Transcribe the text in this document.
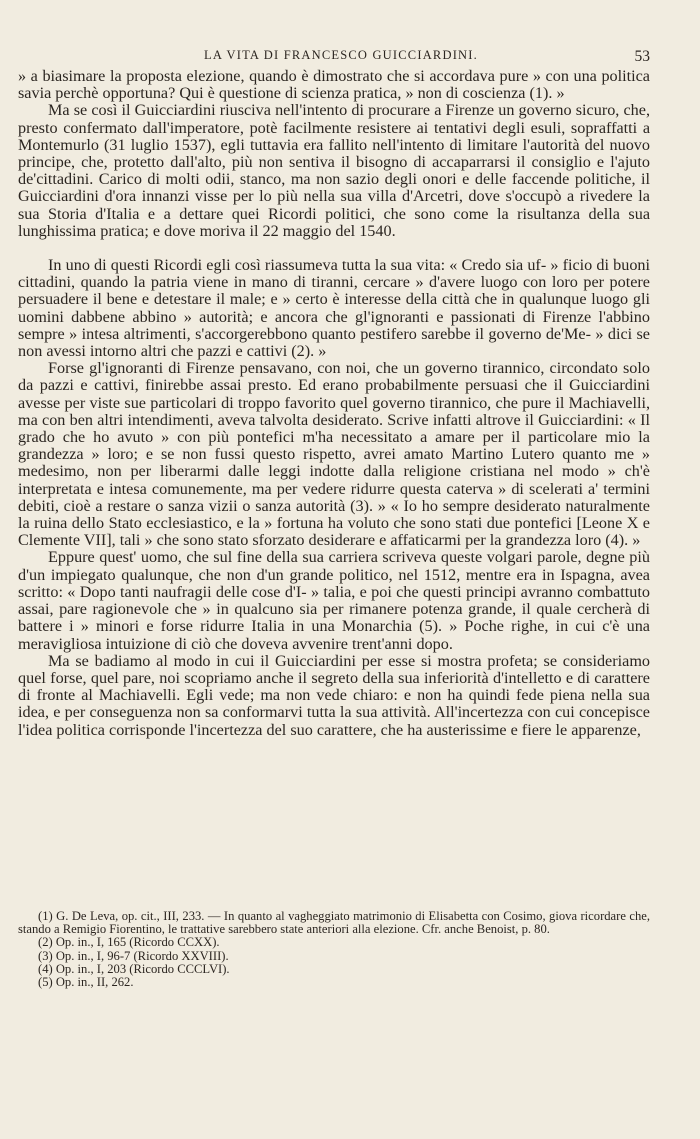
LA VITA DI FRANCESCO GUICCIARDINI.	53

» a biasimare la proposta elezione, quando è dimostrato che si accordava pure » con una politica savia perchè opportuna? Qui è questione di scienza pratica, » non di coscienza (1). »

Ma se così il Guicciardini riusciva nell'intento di procurare a Firenze un governo sicuro, che, presto confermato dall'imperatore, potè facilmente resistere ai tentativi degli esuli, sopraffatti a Montemurlo (31 luglio 1537), egli tuttavia era fallito nell'intento di limitare l'autorità del nuovo principe, che, protetto dall'alto, più non sentiva il bisogno di accaparrarsi il consiglio e l'ajuto de'cittadini. Carico di molti odii, stanco, ma non sazio degli onori e delle faccende politiche, il Guicciardini d'ora innanzi visse per lo più nella sua villa d'Arcetri, dove s'occupò a rivedere la sua Storia d'Italia e a dettare quei Ricordi politici, che sono come la risultanza della sua lunghissima pratica; e dove moriva il 22 maggio del 1540.

In uno di questi Ricordi egli così riassumeva tutta la sua vita: « Credo sia uf- » ficio di buoni cittadini, quando la patria viene in mano di tiranni, cercare » d'avere luogo con loro per potere persuadere il bene e detestare il male; e » certo è interesse della città che in qualunque luogo gli uomini dabbene abbino » autorità; e ancora che gl'ignoranti e passionati di Firenze l'abbino sempre » intesa altrimenti, s'accorgerebbono quanto pestifero sarebbe il governo de'Me- » dici se non avessi intorno altri che pazzi e cattivi (2). »

Forse gl'ignoranti di Firenze pensavano, con noi, che un governo tirannico, circondato solo da pazzi e cattivi, finirebbe assai presto. Ed erano probabilmente persuasi che il Guicciardini avesse per viste sue particolari di troppo favorito quel governo tirannico, che pure il Machiavelli, ma con ben altri intendimenti, aveva talvolta desiderato. Scrive infatti altrove il Guicciardini: « Il grado che ho avuto » con più pontefici m'ha necessitato a amare per il particolare mio la grandezza » loro; e se non fussi questo rispetto, avrei amato Martino Lutero quanto me » medesimo, non per liberarmi dalle leggi indotte dalla religione cristiana nel modo » ch'è interpretata e intesa comunemente, ma per vedere ridurre questa caterva » di scelerati a' termini debiti, cioè a restare o sanza vizii o sanza autorità (3). » « Io ho sempre desiderato naturalmente la ruina dello Stato ecclesiastico, e la » fortuna ha voluto che sono stati due pontefici [Leone X e Clemente VII], tali » che sono stato sforzato desiderare e affaticarmi per la grandezza loro (4). »

Eppure quest' uomo, che sul fine della sua carriera scriveva queste volgari parole, degne più d'un impiegato qualunque, che non d'un grande politico, nel 1512, mentre era in Ispagna, avea scritto: « Dopo tanti naufragii delle cose d'I- » talia, e poi che questi principi avranno combattuto assai, pare ragionevole che » in qualcuno sia per rimanere potenza grande, il quale cercherà di battere i » minori e forse ridurre Italia in una Monarchia (5). » Poche righe, in cui c'è una meravigliosa intuizione di ciò che doveva avvenire trent'anni dopo.

Ma se badiamo al modo in cui il Guicciardini per esse si mostra profeta; se consideriamo quel forse, quel pare, noi scopriamo anche il segreto della sua inferiorità d'intelletto e di carattere di fronte al Machiavelli. Egli vede; ma non vede chiaro: e non ha quindi fede piena nella sua idea, e per conseguenza non sa conformarvi tutta la sua attività. All'incertezza con cui concepisce l'idea politica corrisponde l'incertezza del suo carattere, che ha austerissime e fiere le apparenze,

(1) G. De Leva, op. cit., III, 233. — In quanto al vagheggiato matrimonio di Elisabetta con Cosimo, giova ricordare che, stando a Remigio Fiorentino, le trattative sarebbero state anteriori alla elezione. Cfr. anche Benoist, p. 80.

(2) Op. in., I, 165 (Ricordo CCXX).

(3) Op. in., I, 96-7 (Ricordo XXVIII).

(4) Op. in., I, 203 (Ricordo CCCLVI).

(5) Op. in., II, 262.
